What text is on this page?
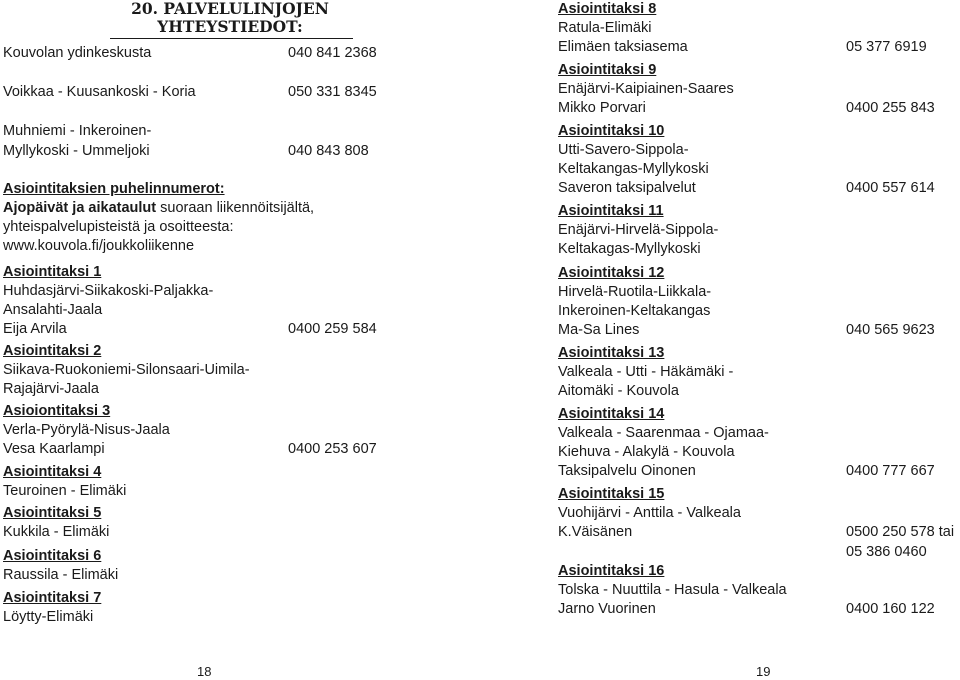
20. PALVELULINJOJEN
YHTEYSTIEDOT:
Kouvolan ydinkeskusta	040 841 2368
Voikkaa - Kuusankoski - Koria	050 331 8345
Muhniemi - Inkeroinen-
Myllykoski - Ummeljoki	040 843 808
Asiointitaksien puhelinnumerot:
Ajopäivät ja aikataulut suoraan liikennöitsijältä,
yhteispalvelupisteistä ja osoitteesta:
www.kouvola.fi/joukkoliikenne
Asiointitaksi 1
Huhdasjärvi-Siikakoski-Paljakka-
Ansalahti-Jaala
Eija Arvila	0400 259 584
Asiointitaksi 2
Siikava-Ruokoniemi-Silonsaari-Uimila-
Rajajärvi-Jaala
Asioiontitaksi 3
Verla-Pyörylä-Nisus-Jaala
Vesa Kaarlampi	0400 253 607
Asiointitaksi 4
Teuroinen - Elimäki
Asiointitaksi 5
Kukkila - Elimäki
Asiointitaksi 6
Raussila - Elimäki
Asiointitaksi 7
Löytty-Elimäki
18
Asiointitaksi 8
Ratula-Elimäki
Elimäen taksiasema	05 377 6919
Asiointitaksi 9
Enäjärvi-Kaipiainen-Saares
Mikko Porvari	0400 255 843
Asiointitaksi 10
Utti-Savero-Sippola-
Keltakangas-Myllykoski
Saveron taksipalvelut	0400 557 614
Asiointitaksi 11
Enäjärvi-Hirvelä-Sippola-
Keltakagas-Myllykoski
Asiointitaksi 12
Hirvelä-Ruotila-Liikkala-
Inkeroinen-Keltakangas
Ma-Sa Lines	040 565 9623
Asiointitaksi 13
Valkeala - Utti - Häkämäki -
Aitomäki - Kouvola
Asiointitaksi 14
Valkeala - Saarenmaa - Ojamaa-
Kiehuva - Alakylä - Kouvola
Taksipalvelu Oinonen	0400 777 667
Asiointitaksi 15
Vuohijärvi - Anttila - Valkeala
K.Väisänen	0500 250 578 tai
05 386 0460
Asiointitaksi 16
Tolska - Nuuttila - Hasula - Valkeala
Jarno Vuorinen	0400 160 122
19
